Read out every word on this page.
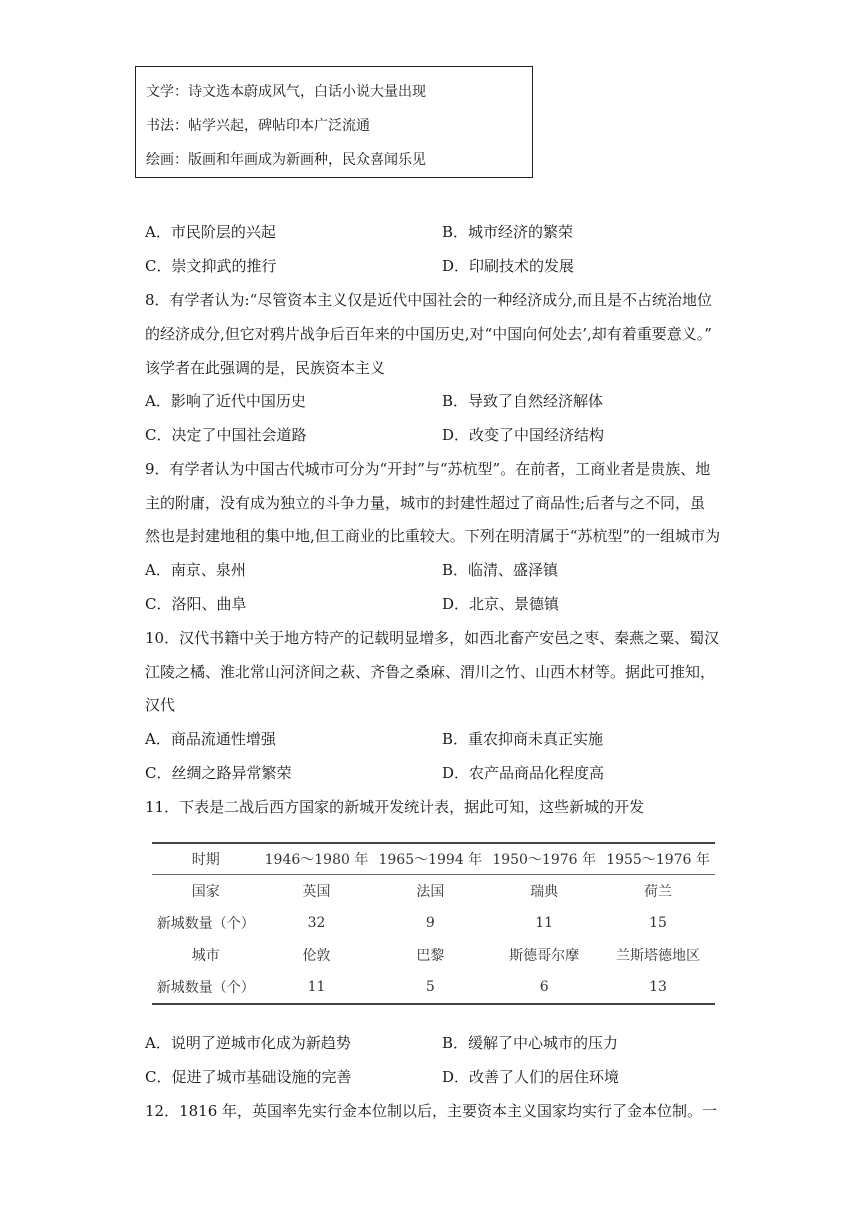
文学：诗文选本蔚成风气，白话小说大量出现
书法：帖学兴起，碑帖印本广泛流通
绘画：版画和年画成为新画种，民众喜闻乐见
A．市民阶层的兴起	B．城市经济的繁荣
C．崇文抑武的推行	D．印刷技术的发展
8．有学者认为:“尽管资本主义仅是近代中国社会的一种经济成分,而且是不占统治地位
的经济成分,但它对鸦片战争后百年来的中国历史,对“中国向何处去’,却有着重要意义。”
该学者在此强调的是，民族资本主义
A．影响了近代中国历史	B．导致了自然经济解体
C．决定了中国社会道路	D．改变了中国经济结构
9．有学者认为中国古代城市可分为“开封”与“苏杭型”。在前者，工商业者是贵族、地
主的附庸，没有成为独立的斗争力量，城市的封建性超过了商品性;后者与之不同，虽
然也是封建地租的集中地,但工商业的比重较大。下列在明清属于“苏杭型”的一组城市为
A．南京、泉州	B．临清、盛泽镇
C．洛阳、曲阜	D．北京、景德镇
10．汉代书籍中关于地方特产的记载明显增多，如西北畜产安邑之枣、秦燕之粟、蜀汉
江陵之橘、淮北常山河济间之萩、齐鲁之桑麻、渭川之竹、山西木材等。据此可推知，
汉代
A．商品流通性增强	B．重农抑商未真正实施
C．丝绸之路异常繁荣	D．农产品商品化程度高
11．下表是二战后西方国家的新城开发统计表，据此可知，这些新城的开发
时期	1946～1980 年	1965～1994 年	1950～1976 年	1955～1976 年
国家	英国	法国	瑞典	荷兰
新城数量（个）	32	9	11	15
城市	伦敦	巴黎	斯德哥尔摩	兰斯塔德地区
新城数量（个）	11	5	6	13
A．说明了逆城市化成为新趋势	B．缓解了中心城市的压力
C．促进了城市基础设施的完善	D．改善了人们的居住环境
12．1816 年，英国率先实行金本位制以后，主要资本主义国家均实行了金本位制。一
